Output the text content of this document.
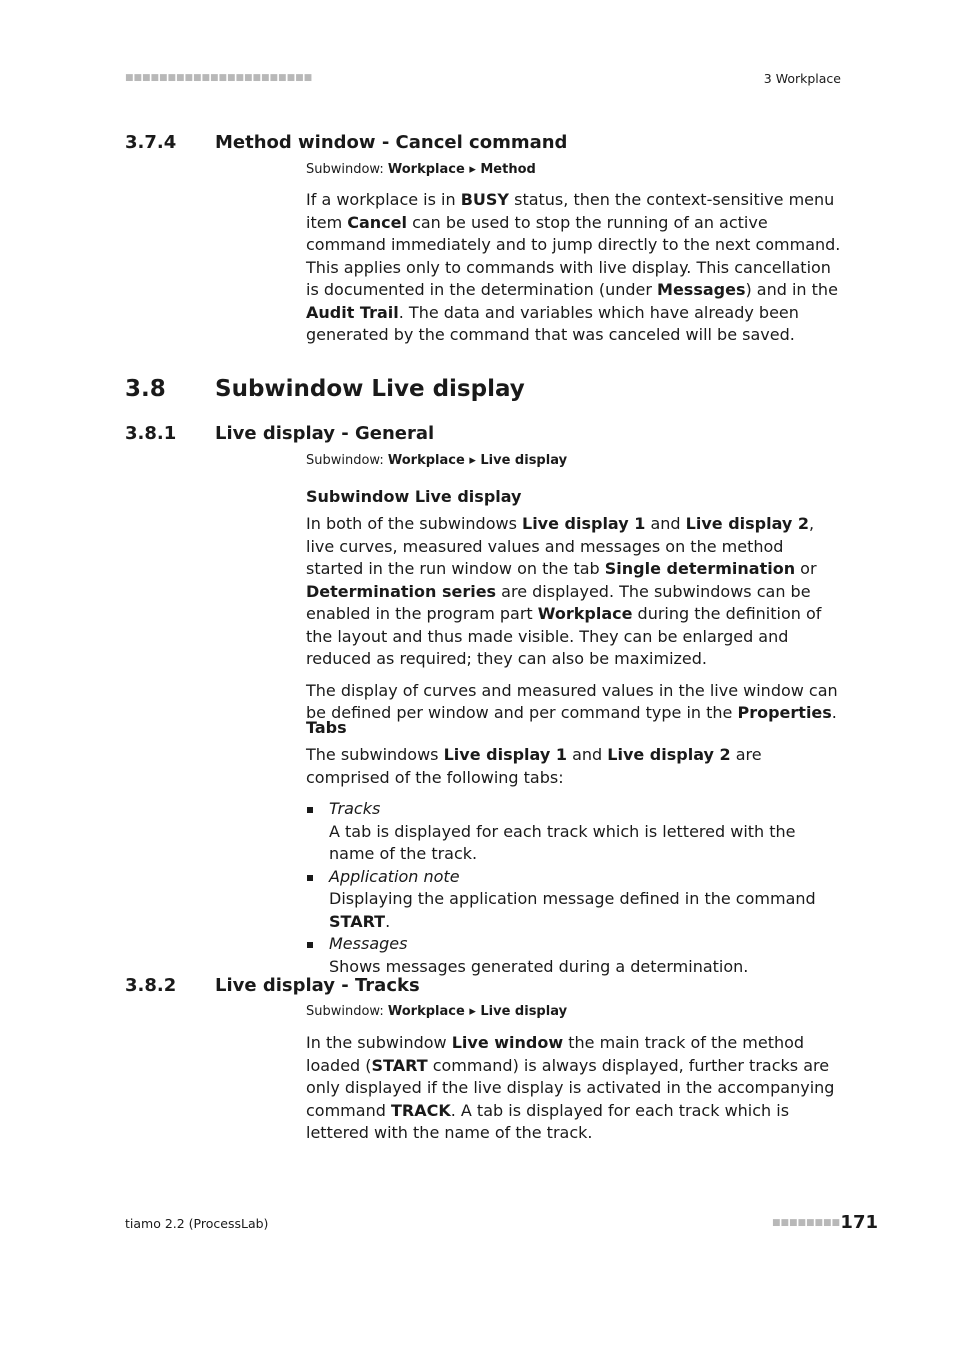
■■■■■■■■■■■■■■■■■■■■■■	3 Workplace
3.7.4 Method window - Cancel command
Subwindow: Workplace ▸ Method

If a workplace is in BUSY status, then the context-sensitive menu item Cancel can be used to stop the running of an active command immediately and to jump directly to the next command. This applies only to commands with live display. This cancellation is documented in the determination (under Messages) and in the Audit Trail. The data and variables which have already been generated by the command that was canceled will be saved.

3.8 Subwindow Live display
3.8.1 Live display - General
Subwindow: Workplace ▸ Live display
Subwindow Live display

In both of the subwindows Live display 1 and Live display 2, live curves, measured values and messages on the method started in the run window on the tab Single determination or Determination series are displayed. The subwindows can be enabled in the program part Workplace during the definition of the layout and thus made visible. They can be enlarged and reduced as required; they can also be maximized.

The display of curves and measured values in the live window can be defined per window and per command type in the Properties.

Tabs

The subwindows Live display 1 and Live display 2 are comprised of the following tabs:

Tracks
A tab is displayed for each track which is lettered with the name of the track.
Application note
Displaying the application message defined in the command START.
Messages
Shows messages generated during a determination.
3.8.2 Live display - Tracks
Subwindow: Workplace ▸ Live display

In the subwindow Live window the main track of the method loaded (START command) is always displayed, further tracks are only displayed if the live display is activated in the accompanying command TRACK. A tab is displayed for each track which is lettered with the name of the track.

tiamo 2.2 (ProcessLab)	■■■■■■■■ 171
